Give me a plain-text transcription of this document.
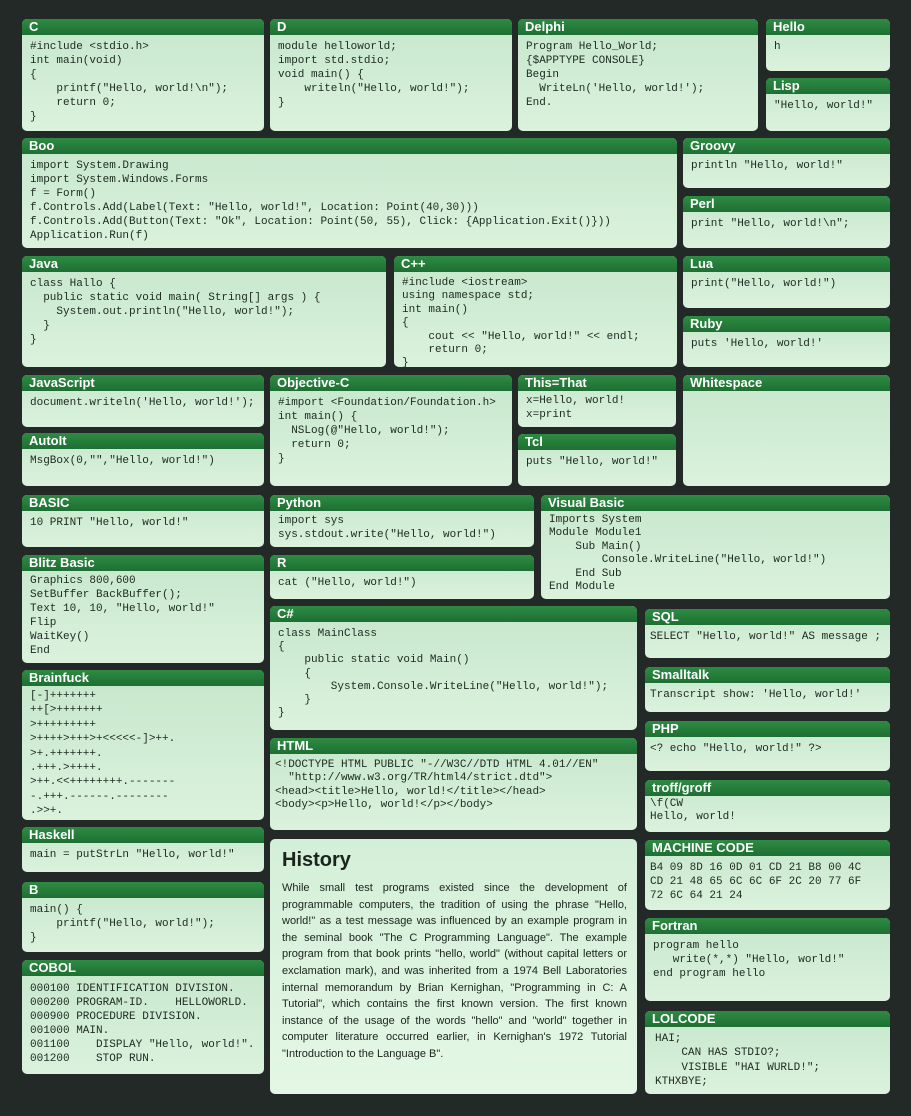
C
#include <stdio.h>
int main(void)
{
printf("Hello, world!\n");
return 0;
}
D
module helloworld;
import std.stdio;
void main() {
writeln("Hello, world!");
}
Delphi
Program Hello_World;
{$APPTYPE CONSOLE}
Begin
WriteLn('Hello, world!');
End.
Hello
h
Lisp
"Hello, world!"
Boo
import System.Drawing
import System.Windows.Forms
f = Form()
f.Controls.Add(Label(Text: "Hello, world!", Location: Point(40,30)))
f.Controls.Add(Button(Text: "Ok", Location: Point(50, 55), Click: {Application.Exit()}))
Application.Run(f)
Groovy
println "Hello, world!"
Perl
print "Hello, world!\n";
Java
class Hallo {
public static void main( String[] args ) {
System.out.println("Hello, world!");
}
}
C++
#include <iostream>
using namespace std;
int main()
{
cout << "Hello, world!" << endl;
return 0;
}
Lua
print("Hello, world!")
Ruby
puts 'Hello, world!'
JavaScript
document.writeln('Hello, world!');
Objective-C
#import <Foundation/Foundation.h>
int main() {
NSLog(@"Hello, world!");
return 0;
}
This=That
x=Hello, world!
x=print
Whitespace
AutoIt
MsgBox(0,"","Hello, world!")
Tcl
puts "Hello, world!"
BASIC
10 PRINT "Hello, world!"
Python
import sys
sys.stdout.write("Hello, world!")
Visual Basic
Imports System
Module Module1
Sub Main()
Console.WriteLine("Hello, world!")
End Sub
End Module
Blitz Basic
Graphics 800,600
SetBuffer BackBuffer();
Text 10, 10, "Hello, world!"
Flip
WaitKey()
End
R
cat ("Hello, world!")
C#
class MainClass
{
public static void Main()
{
System.Console.WriteLine("Hello, world!");
}
}
SQL
SELECT "Hello, world!" AS message ;
Brainfuck
[-]+++++++
++[>+++++++
>+++++++++
>++++>+++>+<<<<<-]>++.
>+.+++++++.
.+++.>++++.
>++.<<++++++++.-------
-.+++.------.--------
.>>+.
Smalltalk
Transcript show: 'Hello, world!'
PHP
<? echo "Hello, world!" ?>
HTML
<!DOCTYPE HTML PUBLIC "-//W3C//DTD HTML 4.01//EN"
"http://www.w3.org/TR/html4/strict.dtd">
<head><title>Hello, world!</title></head>
<body><p>Hello, world!</p></body>
troff/groff
\f(CW
Hello, world!
Haskell
main = putStrLn "Hello, world!"	History
While small test programs existed since the development of programmable computers, the tradition of using the phrase "Hello, world!" as a test message was influenced by an example program in the seminal book "The C Programming Language". The example program from that book prints "hello, world" (without capital letters or exclamation mark), and was inherited from a 1974 Bell Laboratories internal memorandum by Brian Kernighan, "Programming in C: A Tutorial", which contains the first known version. The first known instance of the usage of the words "hello" and "world" together in computer literature occurred earlier, in Kernighan's 1972 Tutorial "Introduction to the Language B".
MACHINE CODE
B4 09 8D 16 0D 01 CD 21 B8 00 4C
CD 21 48 65 6C 6C 6F 2C 20 77 6F
72 6C 64 21 24
B
main() {
printf("Hello, world!");
}
Fortran
program hello
write(*,*) "Hello, world!"
end program hello
COBOL
000100 IDENTIFICATION DIVISION.
000200 PROGRAM-ID.    HELLOWORLD.
000900 PROCEDURE DIVISION.
001000 MAIN.
001100    DISPLAY "Hello, world!".
001200    STOP RUN.
LOLCODE
HAI;
CAN HAS STDIO?;
VISIBLE "HAI WURLD!";
KTHXBYE;
